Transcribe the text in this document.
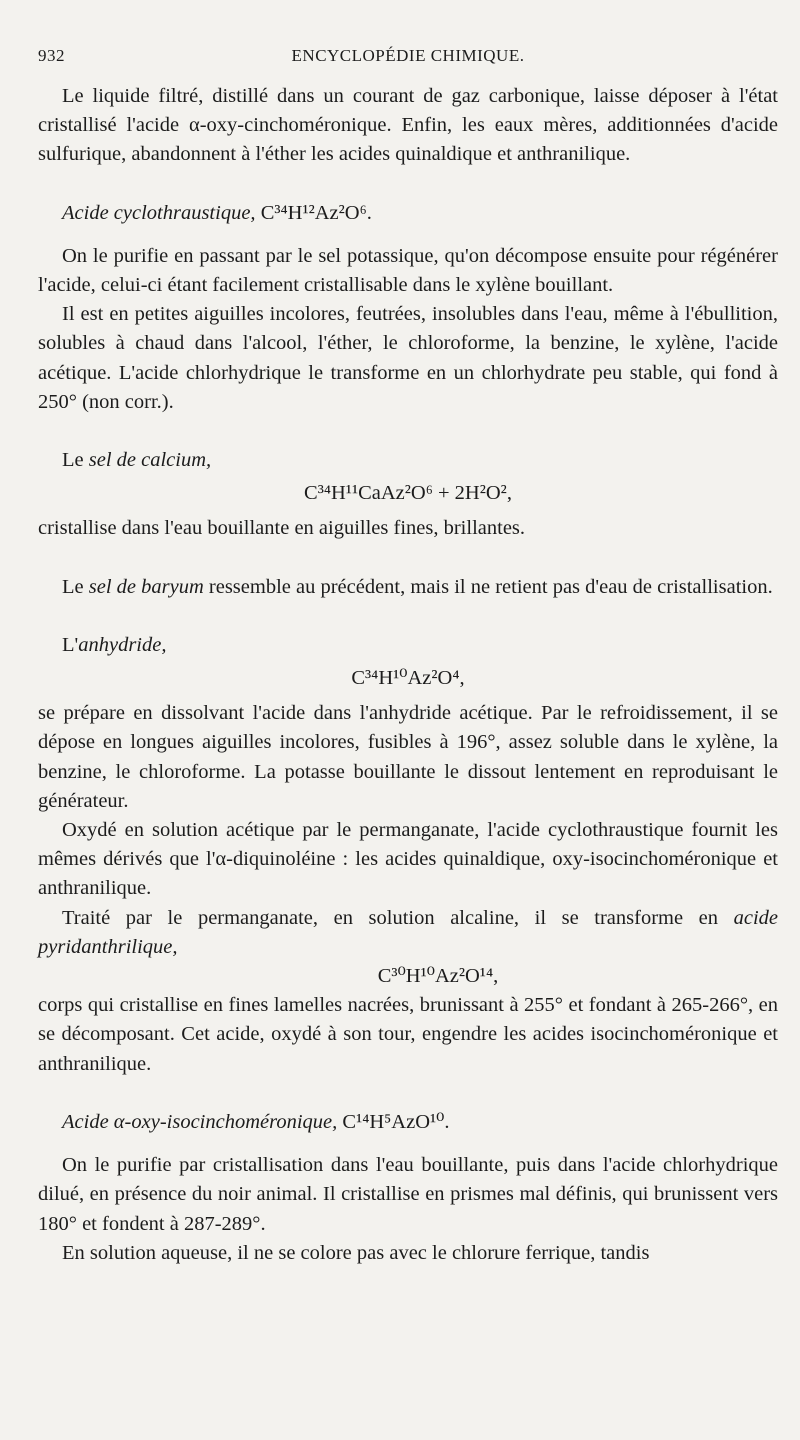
932	ENCYCLOPÉDIE CHIMIQUE.

Le liquide filtré, distillé dans un courant de gaz carbonique, laisse déposer à l'état cristallisé l'acide α-oxy-cinchoméronique. Enfin, les eaux mères, additionnées d'acide sulfurique, abandonnent à l'éther les acides quinaldique et anthranilique.

Acide cyclothraustique, C³⁴H¹²Az²O⁶.

On le purifie en passant par le sel potassique, qu'on décompose ensuite pour régénérer l'acide, celui-ci étant facilement cristallisable dans le xylène bouillant.

Il est en petites aiguilles incolores, feutrées, insolubles dans l'eau, même à l'ébullition, solubles à chaud dans l'alcool, l'éther, le chloroforme, la benzine, le xylène, l'acide acétique. L'acide chlorhydrique le transforme en un chlorhydrate peu stable, qui fond à 250° (non corr.).

Le sel de calcium,

C³⁴H¹¹CaAz²O⁶ + 2H²O²,

cristallise dans l'eau bouillante en aiguilles fines, brillantes.

Le sel de baryum ressemble au précédent, mais il ne retient pas d'eau de cristallisation.

L'anhydride,

C³⁴H¹⁰Az²O⁴,

se prépare en dissolvant l'acide dans l'anhydride acétique. Par le refroidissement, il se dépose en longues aiguilles incolores, fusibles à 196°, assez soluble dans le xylène, la benzine, le chloroforme. La potasse bouillante le dissout lentement en reproduisant le générateur.

Oxydé en solution acétique par le permanganate, l'acide cyclothraustique fournit les mêmes dérivés que l'α-diquinoléine : les acides quinaldique, oxy-isocinchoméronique et anthranilique.

Traité par le permanganate, en solution alcaline, il se transforme en acide pyridanthrilique,

C³⁰H¹⁰Az²O¹⁴,

corps qui cristallise en fines lamelles nacrées, brunissant à 255° et fondant à 265-266°, en se décomposant. Cet acide, oxydé à son tour, engendre les acides isocinchoméronique et anthranilique.

Acide α-oxy-isocinchoméronique, C¹⁴H⁵AzO¹⁰.

On le purifie par cristallisation dans l'eau bouillante, puis dans l'acide chlorhydrique dilué, en présence du noir animal. Il cristallise en prismes mal définis, qui brunissent vers 180° et fondent à 287-289°.

En solution aqueuse, il ne se colore pas avec le chlorure ferrique, tandis
